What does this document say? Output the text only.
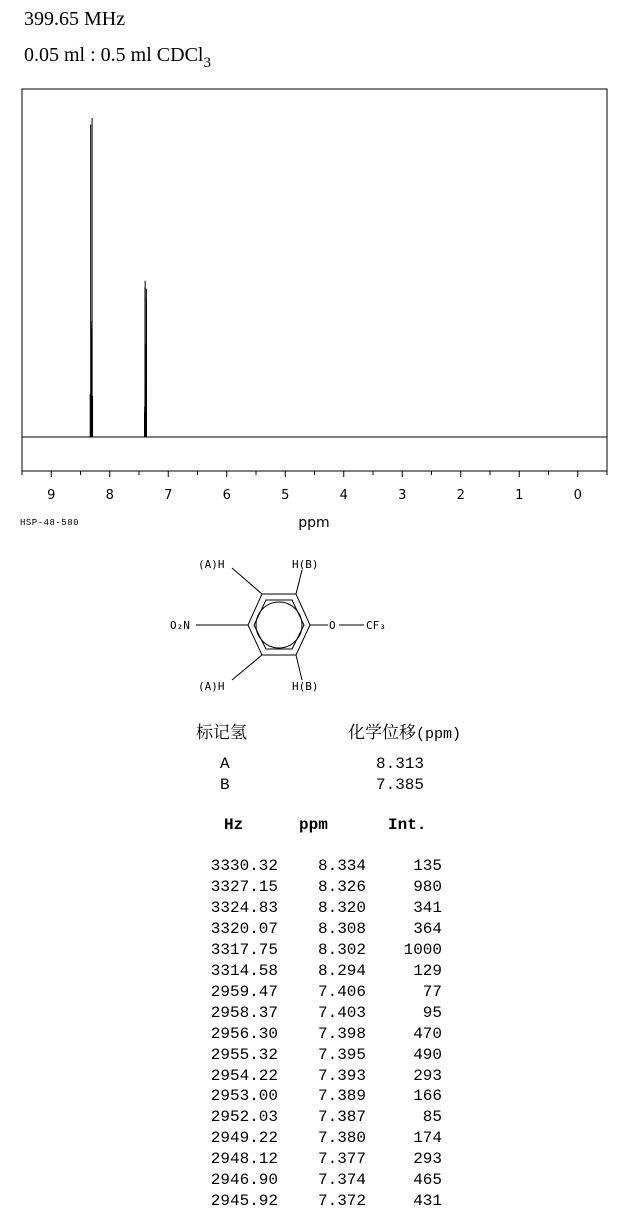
399.65 MHz
0.05 ml : 0.5 ml CDCl$_3$
9	8	7	6	5	4	3	2	1	0
ppm
HSP-48-580
(A)H	H(B)
(A)H	H(B)
O₂N	O	CF₃
标记氢	化学位移(ppm)
A	8.313
B	7.385
Hz	ppm	Int.
3330.32	8.334	135
3327.15	8.326	980
3324.83	8.320	341
3320.07	8.308	364
3317.75	8.302	1000
3314.58	8.294	129
2959.47	7.406	77
2958.37	7.403	95
2956.30	7.398	470
2955.32	7.395	490
2954.22	7.393	293
2953.00	7.389	166
2952.03	7.387	85
2949.22	7.380	174
2948.12	7.377	293
2946.90	7.374	465
2945.92	7.372	431
